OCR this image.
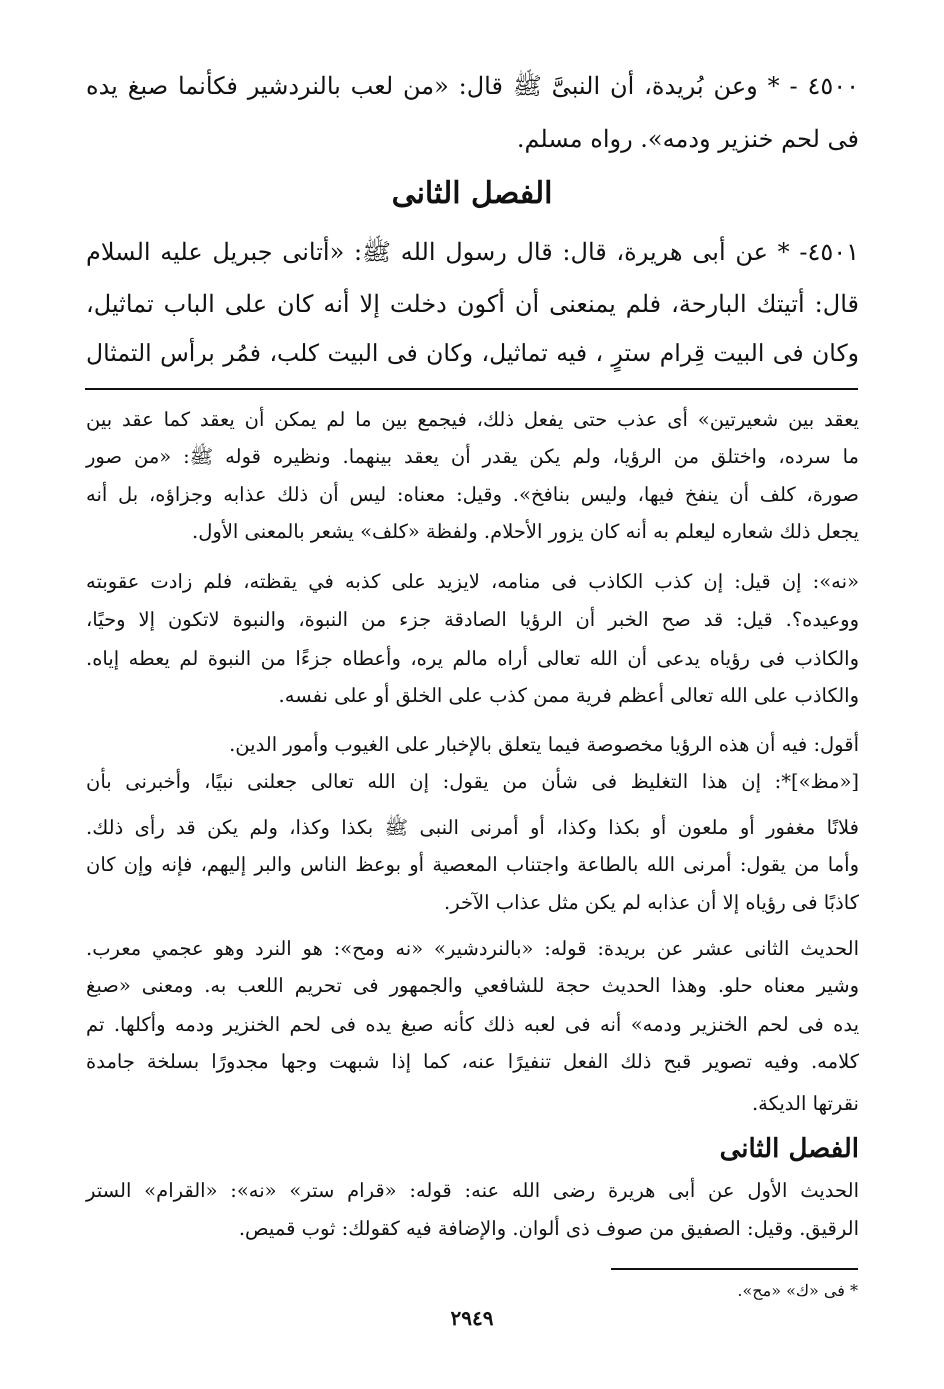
٤٥٠٠ - * وعن بُريدة، أن النبىَّ ﷺ قال: «من لعب بالنردشير فكأنما صبغ يده
فى لحم خنزير ودمه». رواه مسلم.
الفصل الثانى
٤٥٠١- * عن أبى هريرة، قال: قال رسول الله ﷺ: «أتانى جبريل عليه السلام
قال: أتيتك البارحة، فلم يمنعنى أن أكون دخلت إلا أنه كان على الباب تماثيل،
وكان فى البيت قِرام سترٍ ، فيه تماثيل، وكان فى البيت كلب، فمُر برأس التمثال
يعقد بين شعيرتين» أى عذب حتى يفعل ذلك، فيجمع بين ما لم يمكن أن يعقد كما عقد بين
ما سرده، واختلق من الرؤيا، ولم يكن يقدر أن يعقد بينهما. ونظيره قوله ﷺ: «من صور
صورة، كلف أن ينفخ فيها، وليس بنافخ». وقيل: معناه: ليس أن ذلك عذابه وجزاؤه، بل أنه
يجعل ذلك شعاره ليعلم به أنه كان يزور الأحلام. ولفظة «كلف» يشعر بالمعنى الأول.
«نه»: إن قيل: إن كذب الكاذب فى منامه، لايزيد على كذبه في يقظته، فلم زادت عقوبته
ووعيده؟. قيل: قد صح الخبر أن الرؤيا الصادقة جزء من النبوة، والنبوة لاتكون إلا وحيًا،
والكاذب فى رؤياه يدعى أن الله تعالى أراه مالم يره، وأعطاه جزءًا من النبوة لم يعطه إياه.
والكاذب على الله تعالى أعظم فرية ممن كذب على الخلق أو على نفسه.
أقول: فيه أن هذه الرؤيا مخصوصة فيما يتعلق بالإخبار على الغيوب وأمور الدين.
[«مظ»]*: إن هذا التغليظ فى شأن من يقول: إن الله تعالى جعلنى نبيًا، وأخبرنى بأن
فلانًا مغفور أو ملعون أو بكذا وكذا، أو أمرنى النبى ﷺ بكذا وكذا، ولم يكن قد رأى ذلك.
وأما من يقول: أمرنى الله بالطاعة واجتناب المعصية أو بوعظ الناس والبر إليهم، فإنه وإن كان
كاذبًا فى رؤياه إلا أن عذابه لم يكن مثل عذاب الآخر.
الحديث الثانى عشر عن بريدة: قوله: «بالنردشير» «نه ومح»: هو النرد وهو عجمي معرب.
وشير معناه حلو. وهذا الحديث حجة للشافعي والجمهور فى تحريم اللعب به. ومعنى «صبغ
يده فى لحم الخنزير ودمه» أنه فى لعبه ذلك كأنه صبغ يده فى لحم الخنزير ودمه وأكلها. تم
كلامه. وفيه تصوير قبح ذلك الفعل تنفيرًا عنه، كما إذا شبهت وجها مجدورًا بسلخة جامدة
نقرتها الديكة.
الفصل الثانى
الحديث الأول عن أبى هريرة رضى الله عنه: قوله: «قرام ستر» «نه»: «القرام» الستر
الرقيق. وقيل: الصفيق من صوف ذى ألوان. والإضافة فيه كقولك: ثوب قميص.
* فى «ك» «مح».
٢٩٤٩
